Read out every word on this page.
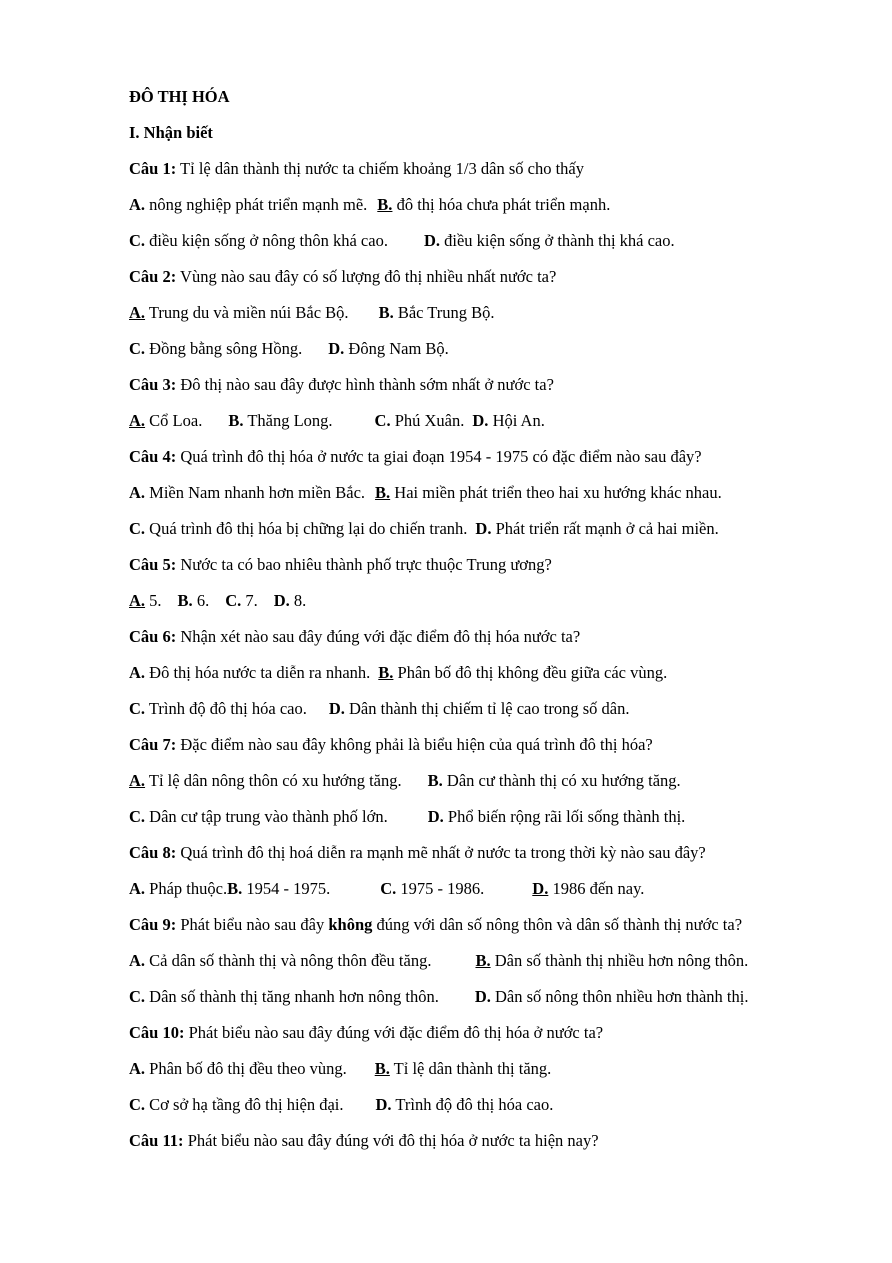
ĐÔ THỊ HÓA
I. Nhận biết
Câu 1: Tỉ lệ dân thành thị nước ta chiếm khoảng 1/3 dân số cho thấy
A. nông nghiệp phát triển mạnh mẽ. B. đô thị hóa chưa phát triển mạnh.
C. điều kiện sống ở nông thôn khá cao. D. điều kiện sống ở thành thị khá cao.
Câu 2: Vùng nào sau đây có số lượng đô thị nhiều nhất nước ta?
A. Trung du và miền núi Bắc Bộ. B. Bắc Trung Bộ.
C. Đồng bằng sông Hồng. D. Đông Nam Bộ.
Câu 3: Đô thị nào sau đây được hình thành sớm nhất ở nước ta?
A. Cổ Loa. B. Thăng Long.	C. Phú Xuân. D. Hội An.
Câu 4: Quá trình đô thị hóa ở nước ta giai đoạn 1954 - 1975 có đặc điểm nào sau đây?
A. Miền Nam nhanh hơn miền Bắc. B. Hai miền phát triển theo hai xu hướng khác nhau.
C. Quá trình đô thị hóa bị chững lại do chiến tranh. D. Phát triển rất mạnh ở cả hai miền.
Câu 5: Nước ta có bao nhiêu thành phố trực thuộc Trung ương?
A. 5. B. 6. C. 7. D. 8.
Câu 6: Nhận xét nào sau đây đúng với đặc điểm đô thị hóa nước ta?
A. Đô thị hóa nước ta diễn ra nhanh. B. Phân bố đô thị không đều giữa các vùng.
C. Trình độ đô thị hóa cao. D. Dân thành thị chiếm tỉ lệ cao trong số dân.
Câu 7: Đặc điểm nào sau đây không phải là biểu hiện của quá trình đô thị hóa?
A. Tỉ lệ dân nông thôn có xu hướng tăng. B. Dân cư thành thị có xu hướng tăng.
C. Dân cư tập trung vào thành phố lớn. D. Phổ biến rộng rãi lối sống thành thị.
Câu 8: Quá trình đô thị hoá diễn ra mạnh mẽ nhất ở nước ta trong thời kỳ nào sau đây?
A. Pháp thuộc.B. 1954 - 1975.	C. 1975 - 1986.	D. 1986 đến nay.
Câu 9: Phát biểu nào sau đây không đúng với dân số nông thôn và dân số thành thị nước ta?
A. Cả dân số thành thị và nông thôn đều tăng.	B. Dân số thành thị nhiều hơn nông thôn.
C. Dân số thành thị tăng nhanh hơn nông thôn. D. Dân số nông thôn nhiều hơn thành thị.
Câu 10: Phát biểu nào sau đây đúng với đặc điểm đô thị hóa ở nước ta?
A. Phân bố đô thị đều theo vùng. B. Tỉ lệ dân thành thị tăng.
C. Cơ sở hạ tầng đô thị hiện đại. D. Trình độ đô thị hóa cao.
Câu 11: Phát biểu nào sau đây đúng với đô thị hóa ở nước ta hiện nay?
